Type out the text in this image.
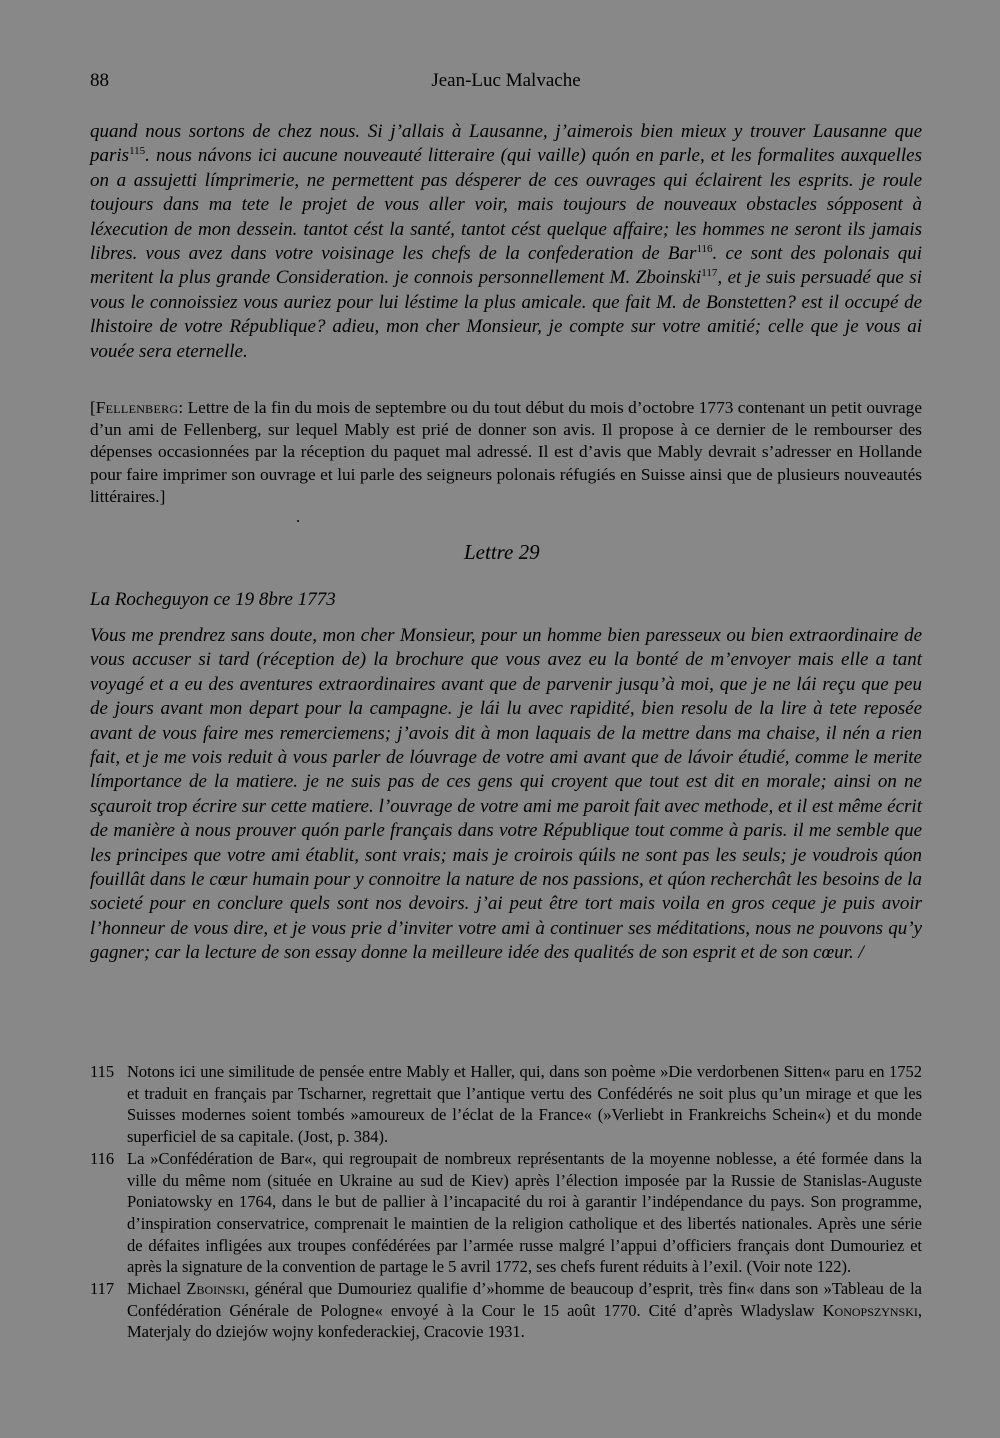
88	Jean-Luc Malvache
quand nous sortons de chez nous. Si j’allais à Lausanne, j’aimerois bien mieux y trouver Lausanne que paris$^{115}$. nous návons ici aucune nouveauté litteraire (qui vaille) quón en parle, et les formalites auxquelles on a assujetti límprimerie, ne permettent pas désperer de ces ouvrages qui éclairent les esprits. je roule toujours dans ma tete le projet de vous aller voir, mais toujours de nouveaux obstacles sópposent à léxecution de mon dessein. tantot cést la santé, tantot cést quelque affaire; les hommes ne seront ils jamais libres. vous avez dans votre voisinage les chefs de la confederation de Bar$^{116}$. ce sont des polonais qui meritent la plus grande Consideration. je connois personnellement M. Zboinski$^{117}$, et je suis persuadé que si vous le connoissiez vous auriez pour lui léstime la plus amicale. que fait M. de Bonstetten? est il occupé de lhistoire de votre République? adieu, mon cher Monsieur, je compte sur votre amitié; celle que je vous ai vouée sera eternelle.
[Fellenberg: Lettre de la fin du mois de septembre ou du tout début du mois d’octobre 1773 contenant un petit ouvrage d’un ami de Fellenberg, sur lequel Mably est prié de donner son avis. Il propose à ce dernier de le rembourser des dépenses occasionnées par la réception du paquet mal adressé. Il est d’avis que Mably devrait s’adresser en Hollande pour faire imprimer son ouvrage et lui parle des seigneurs polonais réfugiés en Suisse ainsi que de plusieurs nouveautés littéraires.]
Lettre 29
La Rocheguyon ce 19 8bre 1773
Vous me prendrez sans doute, mon cher Monsieur, pour un homme bien paresseux ou bien extraordinaire de vous accuser si tard (réception de) la brochure que vous avez eu la bonté de m’envoyer mais elle a tant voyagé et a eu des aventures extraordinaires avant que de parvenir jusqu’à moi, que je ne lái reçu que peu de jours avant mon depart pour la campagne. je lái lu avec rapidité, bien resolu de la lire à tete reposée avant de vous faire mes remerciemens; j’avois dit à mon laquais de la mettre dans ma chaise, il nén a rien fait, et je me vois reduit à vous parler de lóuvrage de votre ami avant que de lávoir étudié, comme le merite límportance de la matiere. je ne suis pas de ces gens qui croyent que tout est dit en morale; ainsi on ne sçauroit trop écrire sur cette matiere. l’ouvrage de votre ami me paroit fait avec methode, et il est même écrit de manière à nous prouver quón parle français dans votre République tout comme à paris. il me semble que les principes que votre ami établit, sont vrais; mais je croirois qúils ne sont pas les seuls; je voudrois qúon fouillât dans le cœur humain pour y connoitre la nature de nos passions, et qúon recherchât les besoins de la societé pour en conclure quels sont nos devoirs. j’ai peut être tort mais voila en gros ceque je puis avoir l’honneur de vous dire, et je vous prie d’inviter votre ami à continuer ses méditations, nous ne pouvons qu’y gagner; car la lecture de son essay donne la meilleure idée des qualités de son esprit et de son cœur. /
115 Notons ici une similitude de pensée entre Mably et Haller, qui, dans son poème »Die verdorbenen Sitten« paru en 1752 et traduit en français par Tscharner, regrettait que l’antique vertu des Confédérés ne soit plus qu’un mirage et que les Suisses modernes soient tombés »amoureux de l’éclat de la France« (»Verliebt in Frankreichs Schein«) et du monde superficiel de sa capitale. (Jost, p. 384).
116 La »Confédération de Bar«, qui regroupait de nombreux représentants de la moyenne noblesse, a été formée dans la ville du même nom (située en Ukraine au sud de Kiev) après l’élection imposée par la Russie de Stanislas-Auguste Poniatowsky en 1764, dans le but de pallier à l’incapacité du roi à garantir l’indépendance du pays. Son programme, d’inspiration conservatrice, comprenait le maintien de la religion catholique et des libertés nationales. Après une série de défaites infligées aux troupes confédérées par l’armée russe malgré l’appui d’officiers français dont Dumouriez et après la signature de la convention de partage le 5 avril 1772, ses chefs furent réduits à l’exil. (Voir note 122).
117 Michael Zboinski, général que Dumouriez qualifie d’»homme de beaucoup d’esprit, très fin« dans son »Tableau de la Confédération Générale de Pologne« envoyé à la Cour le 15 août 1770. Cité d’après Wladyslaw Konopszynski, Materjaly do dziejów wojny konfederackiej, Cracovie 1931.
